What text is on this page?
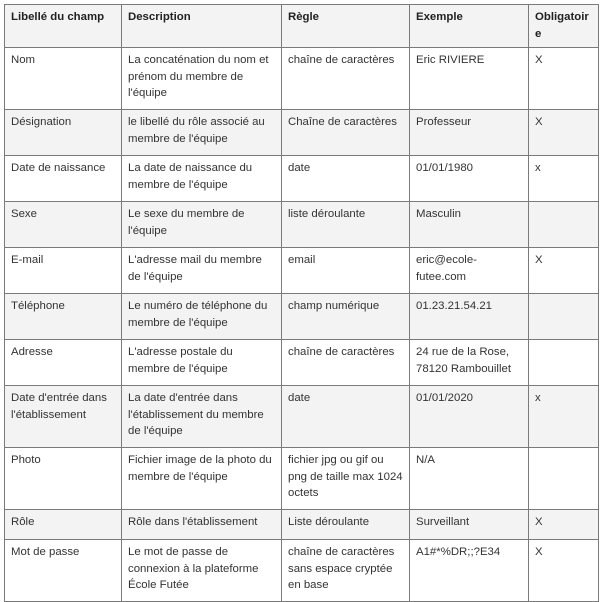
Libellé du champ	Description	Règle	Exemple	Obligatoire
Nom	La concaténation du nom et prénom du membre de l'équipe	chaîne de caractères	Eric RIVIERE	X
Désignation	le libellé du rôle associé au membre de l'équipe	Chaîne de caractères	Professeur	X
Date de naissance	La date de naissance du membre de l'équipe	date	01/01/1980	x
Sexe	Le sexe du membre de l'équipe	liste déroulante	Masculin	
E-mail	L'adresse mail du membre de l'équipe	email	eric@ecole-futee.com	X
Téléphone	Le numéro de téléphone du membre de l'équipe	champ numérique	01.23.21.54.21	
Adresse	L'adresse postale du membre de l'équipe	chaîne de caractères	24 rue de la Rose, 78120 Rambouillet	
Date d'entrée dans l'établissement	La date d'entrée dans l'établissement du membre de l'équipe	date	01/01/2020	x
Photo	Fichier image de la photo du membre de l'équipe	fichier jpg ou gif ou png de taille max 1024 octets	N/A	
Rôle	Rôle dans l'établissement	Liste déroulante	Surveillant	X
Mot de passe	Le mot de passe de connexion à la plateforme École Futée	chaîne de caractères sans espace cryptée en base	A1#*%DR;;?E34	X
